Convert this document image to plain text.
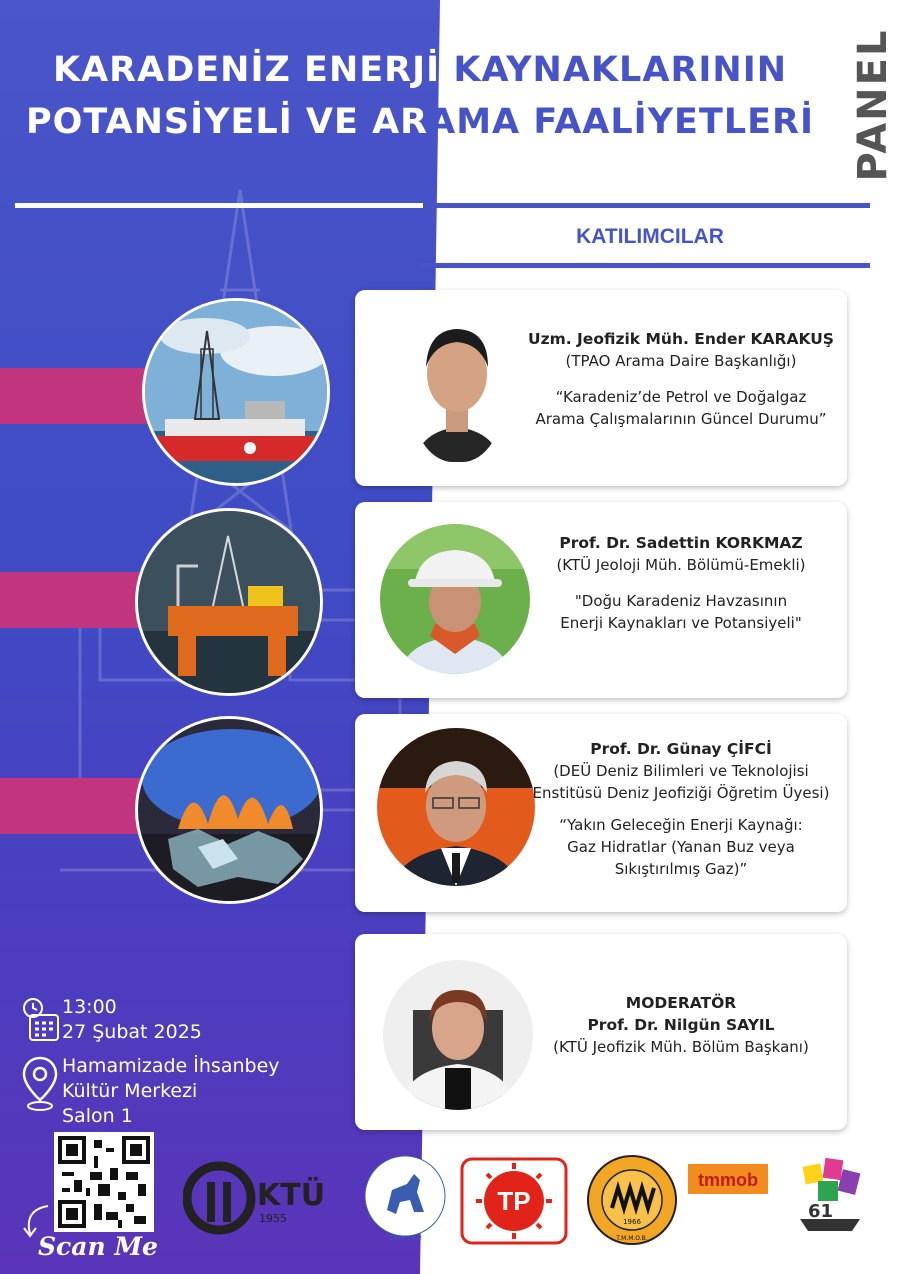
KARADENİZ ENERJİ KAYNAKLARININ
POTANSİYELİ VE ARAMA FAALİYETLERİ PANEL
KATILIMCILAR
Uzm. Jeofizik Müh. Ender KARAKUŞ
(TPAO Arama Daire Başkanlığı)
“Karadeniz’de Petrol ve Doğalgaz
Arama Çalışmalarının Güncel Durumu”
Prof. Dr. Sadettin KORKMAZ
(KTÜ Jeoloji Müh. Bölümü-Emekli)
"Doğu Karadeniz Havzasının
Enerji Kaynakları ve Potansiyeli"
Prof. Dr. Günay ÇİFCİ
(DEÜ Deniz Bilimleri ve Teknolojisi
Enstitüsü Deniz Jeofiziği Öğretim Üyesi)
“Yakın Geleceğin Enerji Kaynağı:
Gaz Hidratlar (Yanan Buz veya
Sıkıştırılmış Gaz)”
MODERATÖR
Prof. Dr. Nilgün SAYIL
(KTÜ Jeofizik Müh. Bölüm Başkanı)
13:00
27 Şubat 2025
Hamamizade İhsanbey
Kültür Merkezi
Salon 1
Scan Me
KTÜ
1955
İZMİR-1982
TP
1966
T.M.M.O.B.
tmmob
61
